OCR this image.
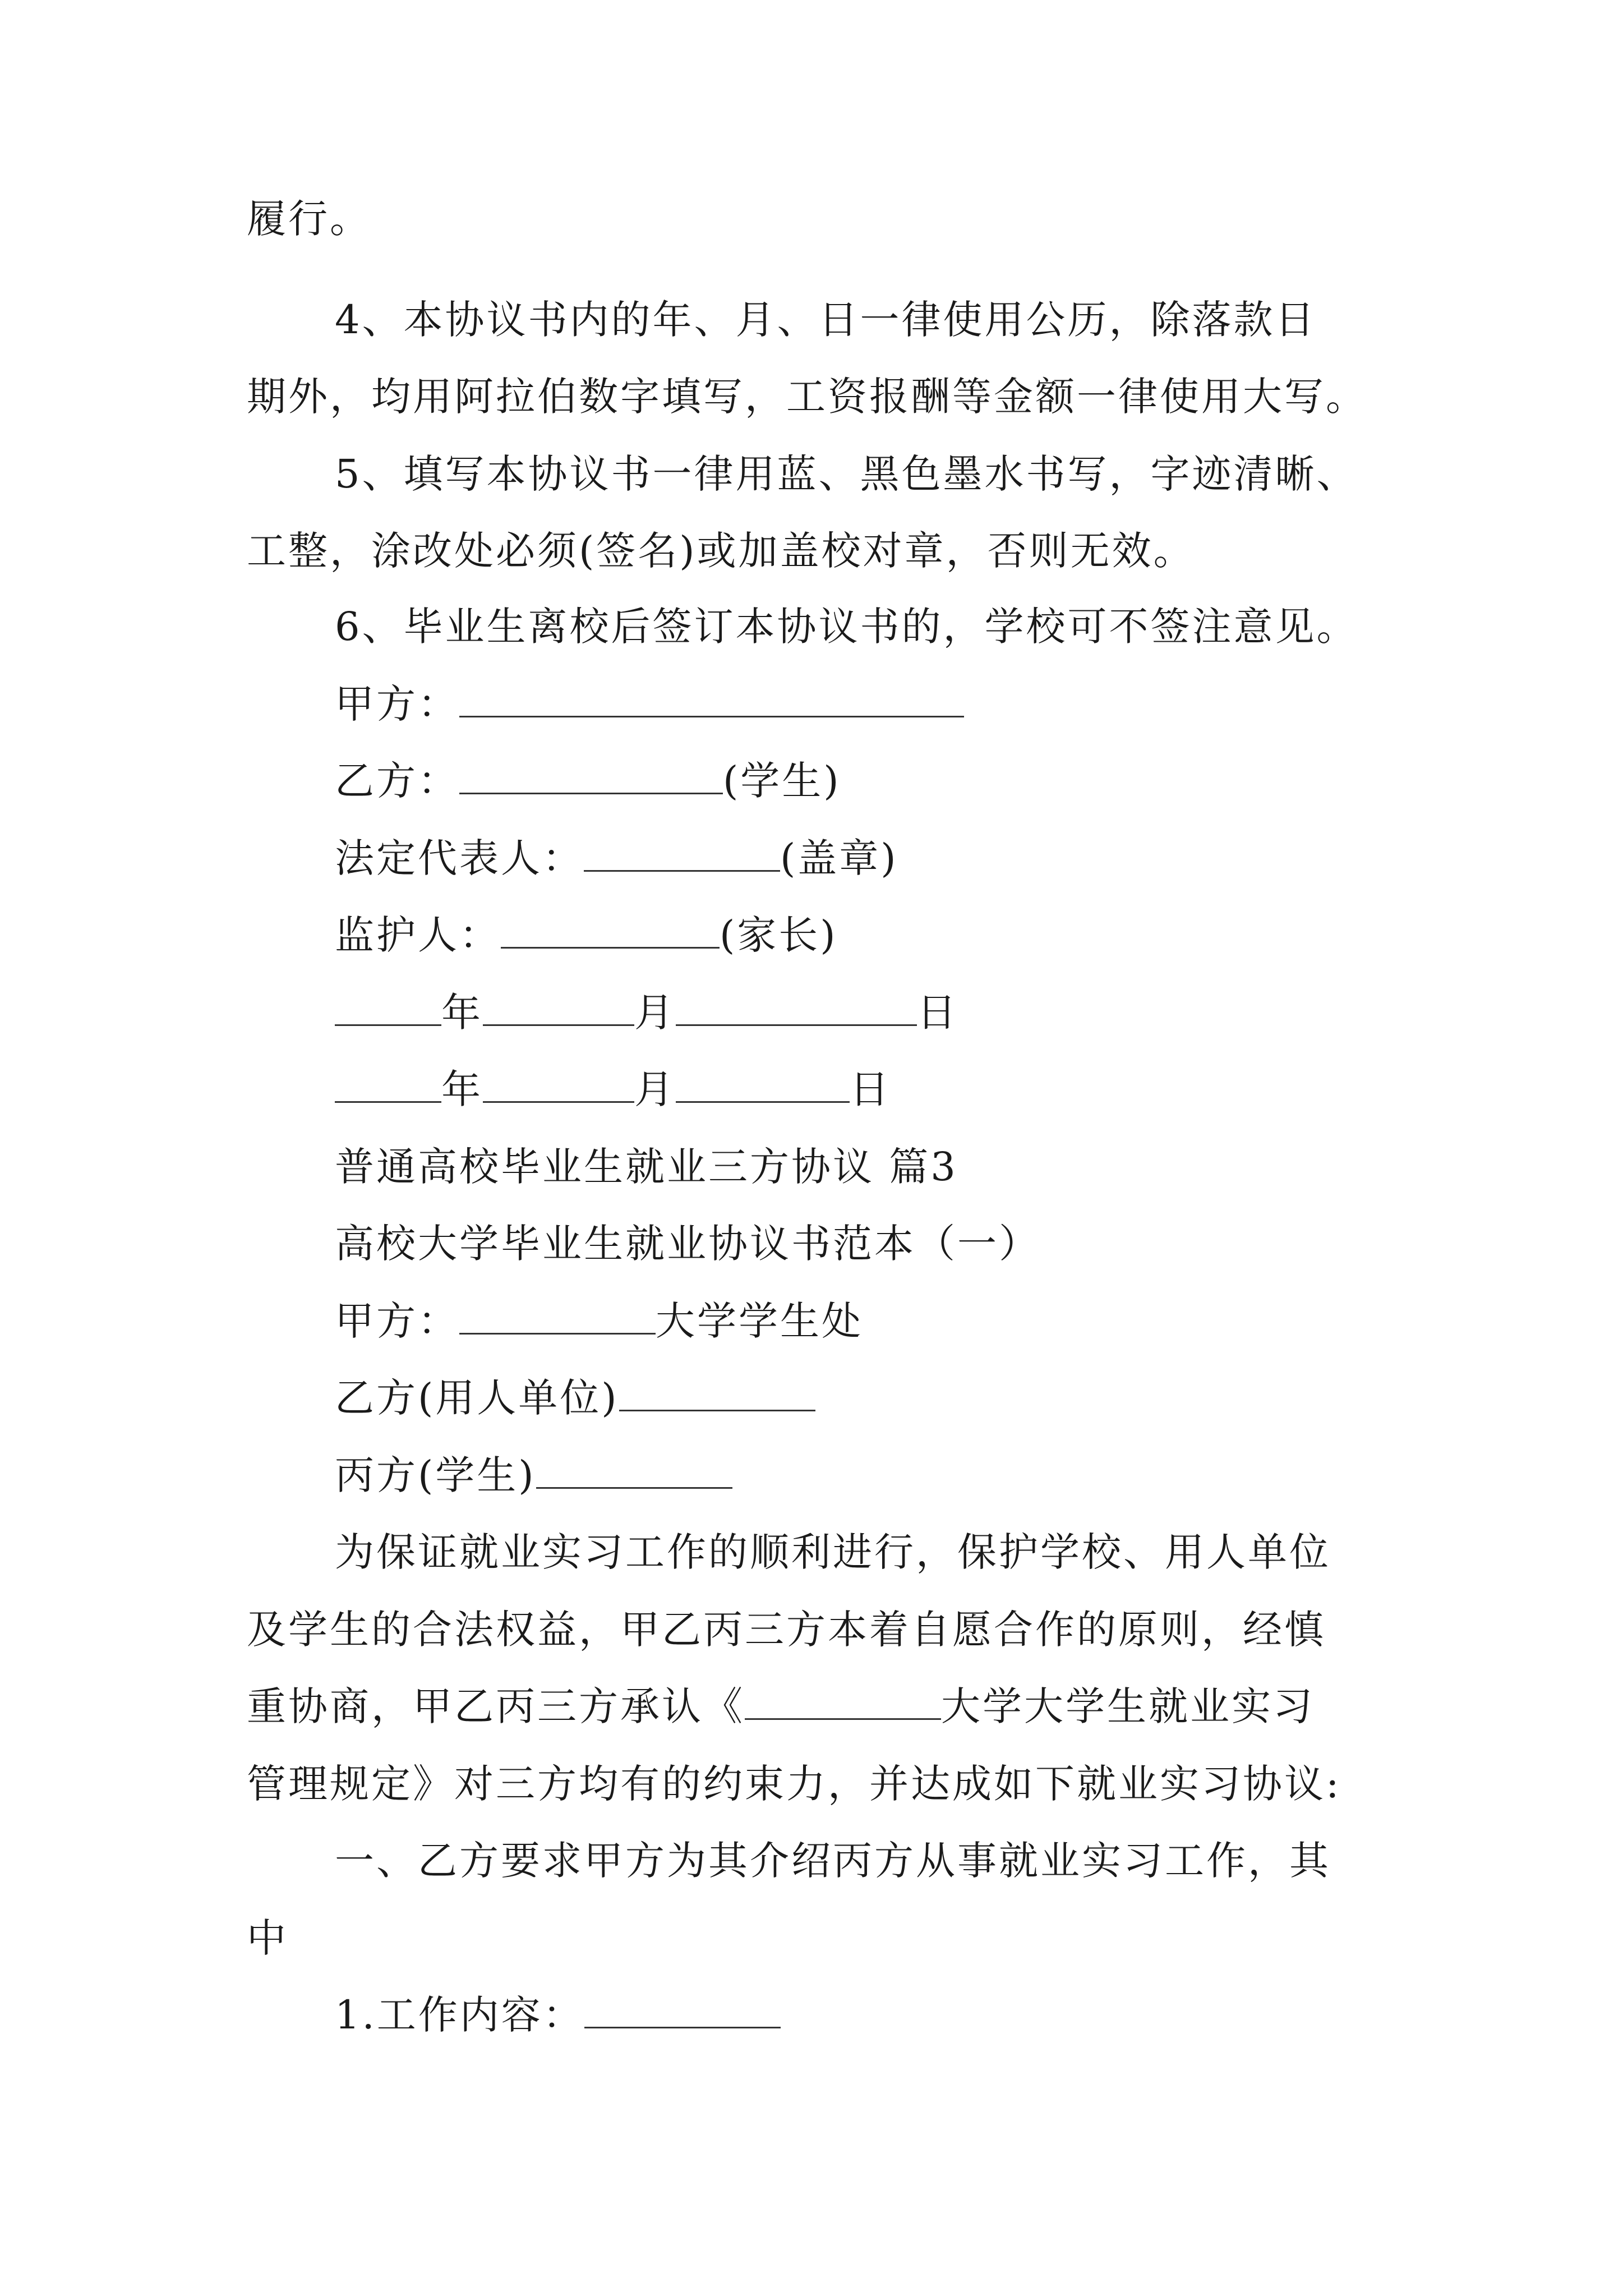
履行。
4、本协议书内的年、月、日一律使用公历，除落款日
期外，均用阿拉伯数字填写，工资报酬等金额一律使用大写。
5、填写本协议书一律用蓝、黑色墨水书写，字迹清晰、
工整，涂改处必须(签名)或加盖校对章，否则无效。
6、毕业生离校后签订本协议书的，学校可不签注意见。
甲方：
乙方：	(学生)
法定代表人：	(盖章)
监护人：	(家长)
年	月	日
年	月	日
普通高校毕业生就业三方协议 篇3
高校大学毕业生就业协议书范本（一）
甲方：	大学学生处
乙方(用人单位)
丙方(学生)
为保证就业实习工作的顺利进行，保护学校、用人单位
及学生的合法权益，甲乙丙三方本着自愿合作的原则，经慎
重协商，甲乙丙三方承认《	大学大学生就业实习
管理规定》对三方均有的约束力，并达成如下就业实习协议:
一、乙方要求甲方为其介绍丙方从事就业实习工作，其
中
1.工作内容：
